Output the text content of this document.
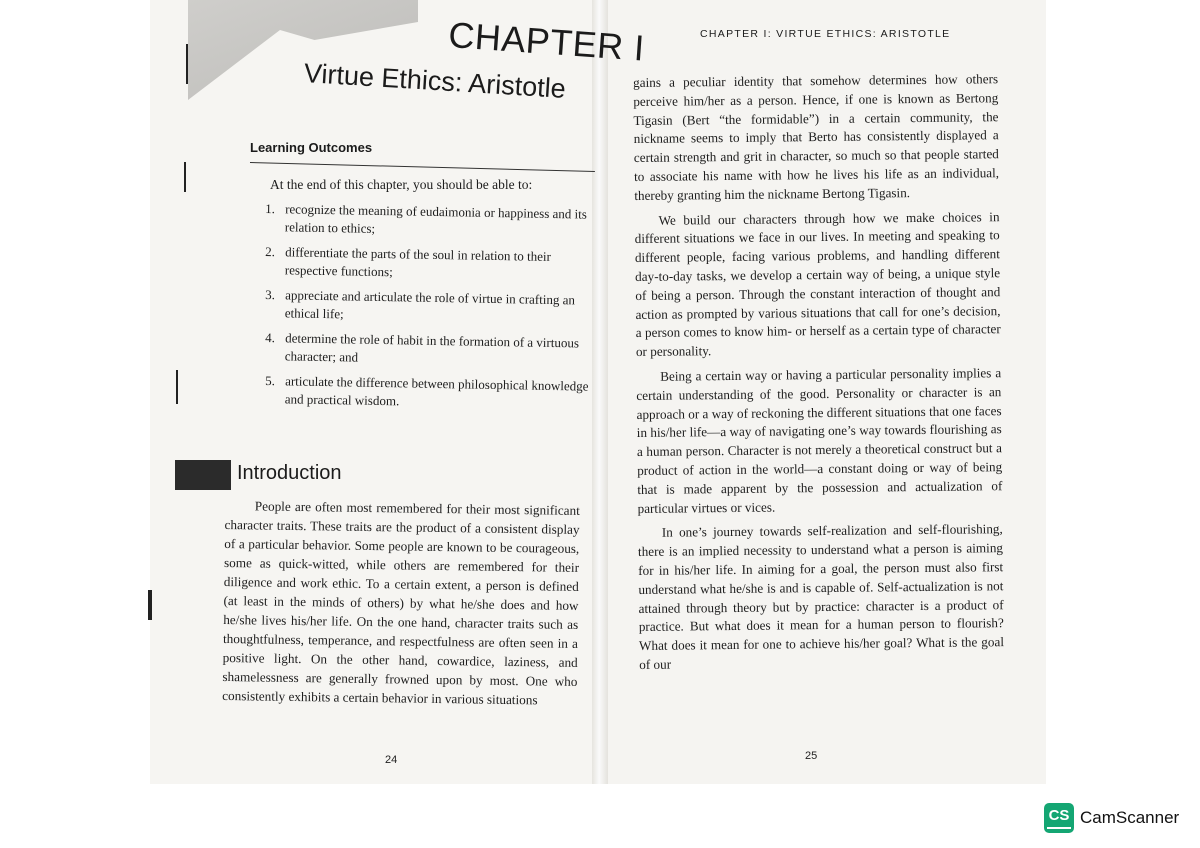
CHAPTER I
Virtue Ethics: Aristotle
Learning Outcomes
At the end of this chapter, you should be able to:
1. recognize the meaning of eudaimonia or happiness and its relation to ethics;
2. differentiate the parts of the soul in relation to their respective functions;
3. appreciate and articulate the role of virtue in crafting an ethical life;
4. determine the role of habit in the formation of a virtuous character; and
5. articulate the difference between philosophical knowledge and practical wisdom.
Introduction
People are often most remembered for their most significant character traits. These traits are the product of a consistent display of a particular behavior. Some people are known to be courageous, some as quick-witted, while others are remembered for their diligence and work ethic. To a certain extent, a person is defined (at least in the minds of others) by what he/she does and how he/she lives his/her life. On the one hand, character traits such as thoughtfulness, temperance, and respectfulness are often seen in a positive light. On the other hand, cowardice, laziness, and shamelessness are generally frowned upon by most. One who consistently exhibits a certain behavior in various situations
24
CHAPTER I: VIRTUE ETHICS: ARISTOTLE

gains a peculiar identity that somehow determines how others perceive him/her as a person. Hence, if one is known as Bertong Tigasin (Bert “the formidable”) in a certain community, the nickname seems to imply that Berto has consistently displayed a certain strength and grit in character, so much so that people started to associate his name with how he lives his life as an individual, thereby granting him the nickname Bertong Tigasin.

We build our characters through how we make choices in different situations we face in our lives. In meeting and speaking to different people, facing various problems, and handling different day-to-day tasks, we develop a certain way of being, a unique style of being a person. Through the constant interaction of thought and action as prompted by various situations that call for one’s decision, a person comes to know him- or herself as a certain type of character or personality.

Being a certain way or having a particular personality implies a certain understanding of the good. Personality or character is an approach or a way of reckoning the different situations that one faces in his/her life—a way of navigating one’s way towards flourishing as a human person. Character is not merely a theoretical construct but a product of action in the world—a constant doing or way of being that is made apparent by the possession and actualization of particular virtues or vices.

In one’s journey towards self-realization and self-flourishing, there is an implied necessity to understand what a person is aiming for in his/her life. In aiming for a goal, the person must also first understand what he/she is and is capable of. Self-actualization is not attained through theory but by practice: character is a product of practice. But what does it mean for a human person to flourish? What does it mean for one to achieve his/her goal? What is the goal of our

25
CS CamScanner
